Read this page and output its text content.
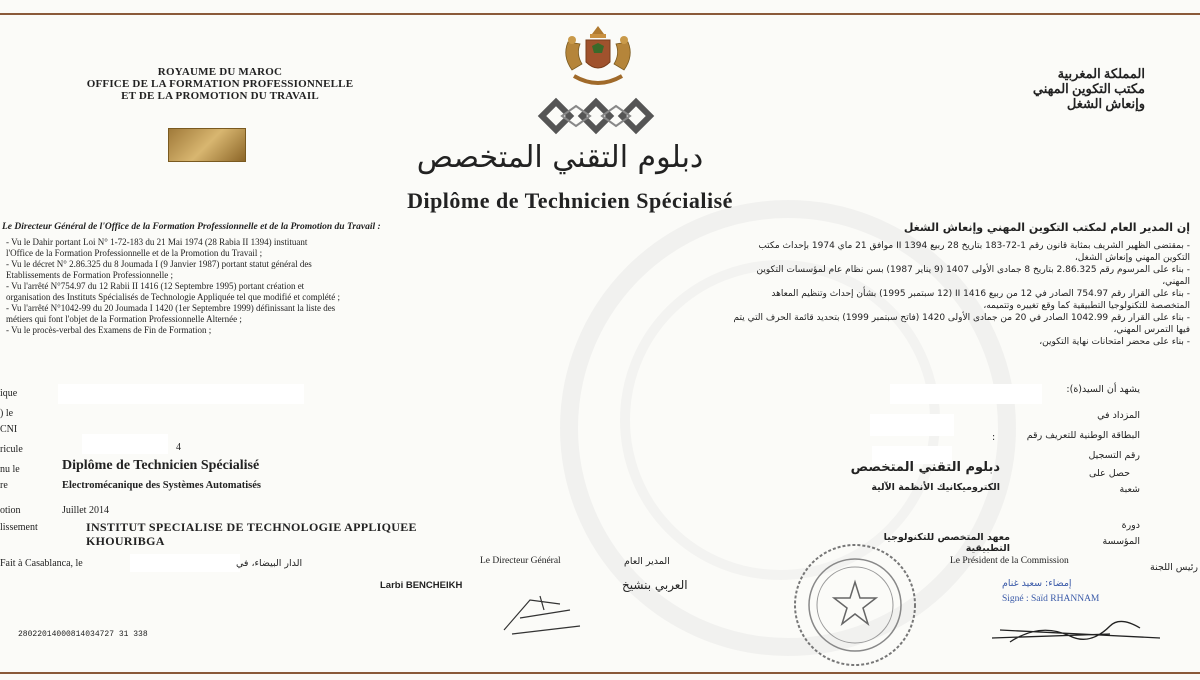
ROYAUME DU MAROC
OFFICE DE LA FORMATION PROFESSIONNELLE
ET DE LA PROMOTION DU TRAVAIL
المملكة المغربية
مكتب التكوين المهني
وإنعاش الشغل
دبلوم التقني المتخصص
Diplôme de Technicien Spécialisé
Le Directeur Général de l'Office de la Formation Professionnelle et de la Promotion du Travail :

- Vu le Dahir portant Loi N° 1-72-183 du 21 Mai 1974 (28 Rabia II 1394) instituant
l'Office de la Formation Professionnelle et de la Promotion du Travail ;

- Vu le décret N° 2.86.325 du 8 Joumada I (9 Janvier 1987) portant statut général des
Etablissements de Formation Professionnelle ;

- Vu l'arrêté N°754.97 du 12 Rabii II 1416 (12 Septembre 1995) portant création et
organisation des Instituts Spécialisés de Technologie Appliquée tel que modifié et complété ;

- Vu l'arrêté N°1042-99 du 20 Joumada I 1420 (1er Septembre 1999) définissant la liste des
métiers qui font l'objet de la Formation Professionnelle Alternée ;

- Vu le procès-verbal des Examens de Fin de Formation ;

إن المدير العام لمكتب التكوين المهني وإنعاش الشغل

- بمقتضى الظهير الشريف بمثابة قانون رقم 1-72-183 بتاريخ 28 ربيع II 1394 موافق 21 ماي 1974 بإحداث مكتب التكوين المهني وإنعاش الشغل،

- بناء على المرسوم رقم 2.86.325 بتاريخ 8 جمادى الأولى 1407 (9 يناير 1987) بسن نظام عام لمؤسسات التكوين المهني،

- بناء على القرار رقم 754.97 الصادر في 12 من ربيع II 1416 (12 سبتمبر 1995) بشأن إحداث وتنظيم المعاهد المتخصصة للتكنولوجيا التطبيقية كما وقع تغييره وتتميمه،

- بناء على القرار رقم 1042.99 الصادر في 20 من جمادى الأولى 1420 (فاتح سبتمبر 1999) بتحديد قائمة الحرف التي يتم فيها التمرس المهني،

- بناء على محضر امتحانات نهاية التكوين،

ique
) le
CNI
ricule	4
nu le	Diplôme de Technicien Spécialisé
re	Electromécanique des Systèmes Automatisés
otion	Juillet 2014
lissement	INSTITUT SPECIALISE DE TECHNOLOGIE APPLIQUEE
KHOURIBGA
Fait à Casablanca, le
يشهد أن السيد(ة):
المزداد في
البطاقة الوطنية للتعريف رقم
:
رقم التسجيل
حصل على
دبلوم التقني المتخصص
شعبة
الكتروميكانيك الأنظمة الآلية
دورة
المؤسسة
معهد المتخصص للتكنولوجيا التطبيقية
الدار البيضاء، في	Le Directeur Général	المدير العام
Larbi BENCHEIKH	العربي بنشيخ
Le Président de la Commission
رئيس اللجنة
إمضاء: سعيد غنام
Signé : Saïd RHANNAM
28022014000814034727 31 338
